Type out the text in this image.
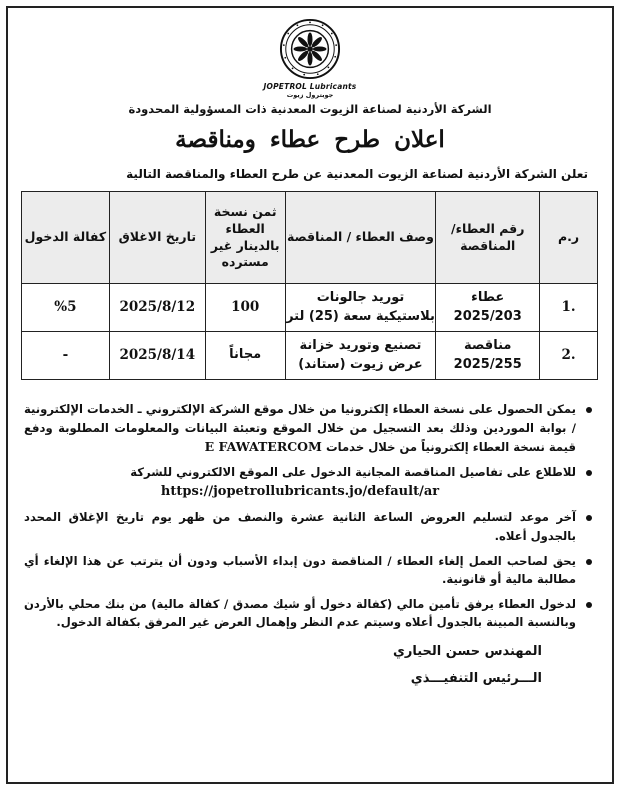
JOPETROL Lubricants
جوبترول زيوت
الشركة الأردنية لصناعة الزيوت المعدنية ذات المسؤولية المحدودة
اعلان طرح عطاء ومناقصة
تعلن الشركة الأردنية لصناعة الزيوت المعدنية عن طرح العطاء والمناقصة التالية
ر.م	رقم العطاء/ المناقصة	وصف العطاء / المناقصة	ثمن نسخة العطاء بالدينار غير مسترده	تاريخ الاغلاق	كفالة الدخول
.1	عطاء 2025/203	توريد جالونات بلاستيكية سعة (25) لتر	100	2025/8/12	%5
.2	مناقصة 2025/255	تصنيع وتوريد خزانة عرض زيوت (ستاند)	مجاناً	2025/8/14	-
يمكن الحصول على نسخة العطاء إلكترونيا من خلال موقع الشركة الإلكتروني ـ الخدمات الإلكترونية / بوابة الموردين وذلك بعد التسجيل من خلال الموقع وتعبئة البيانات والمعلومات المطلوبة ودفع قيمة نسخة العطاء إلكترونياً من خلال خدمات E FAWATERCOM
للاطلاع على تفاصيل المناقصة المجانية الدخول على الموقع الالكتروني للشركة
https://jopetrollubricants.jo/default/ar
آخر موعد لتسليم العروض الساعة الثانية عشرة والنصف من ظهر يوم تاريخ الإغلاق المحدد بالجدول أعلاه.
يحق لصاحب العمل إلغاء العطاء / المناقصة دون إبداء الأسباب ودون أن يترتب عن هذا الإلغاء أي مطالبة مالية أو قانونية.
لدخول العطاء يرفق تأمين مالي (كفالة دخول أو شيك مصدق / كفالة مالية) من بنك محلي بالأردن وبالنسبة المبينة بالجدول أعلاه وسيتم عدم النظر وإهمال العرض غير المرفق بكفالة الدخول.
المهندس حسن الحياري
الـــرئيس التنفيـــذي
